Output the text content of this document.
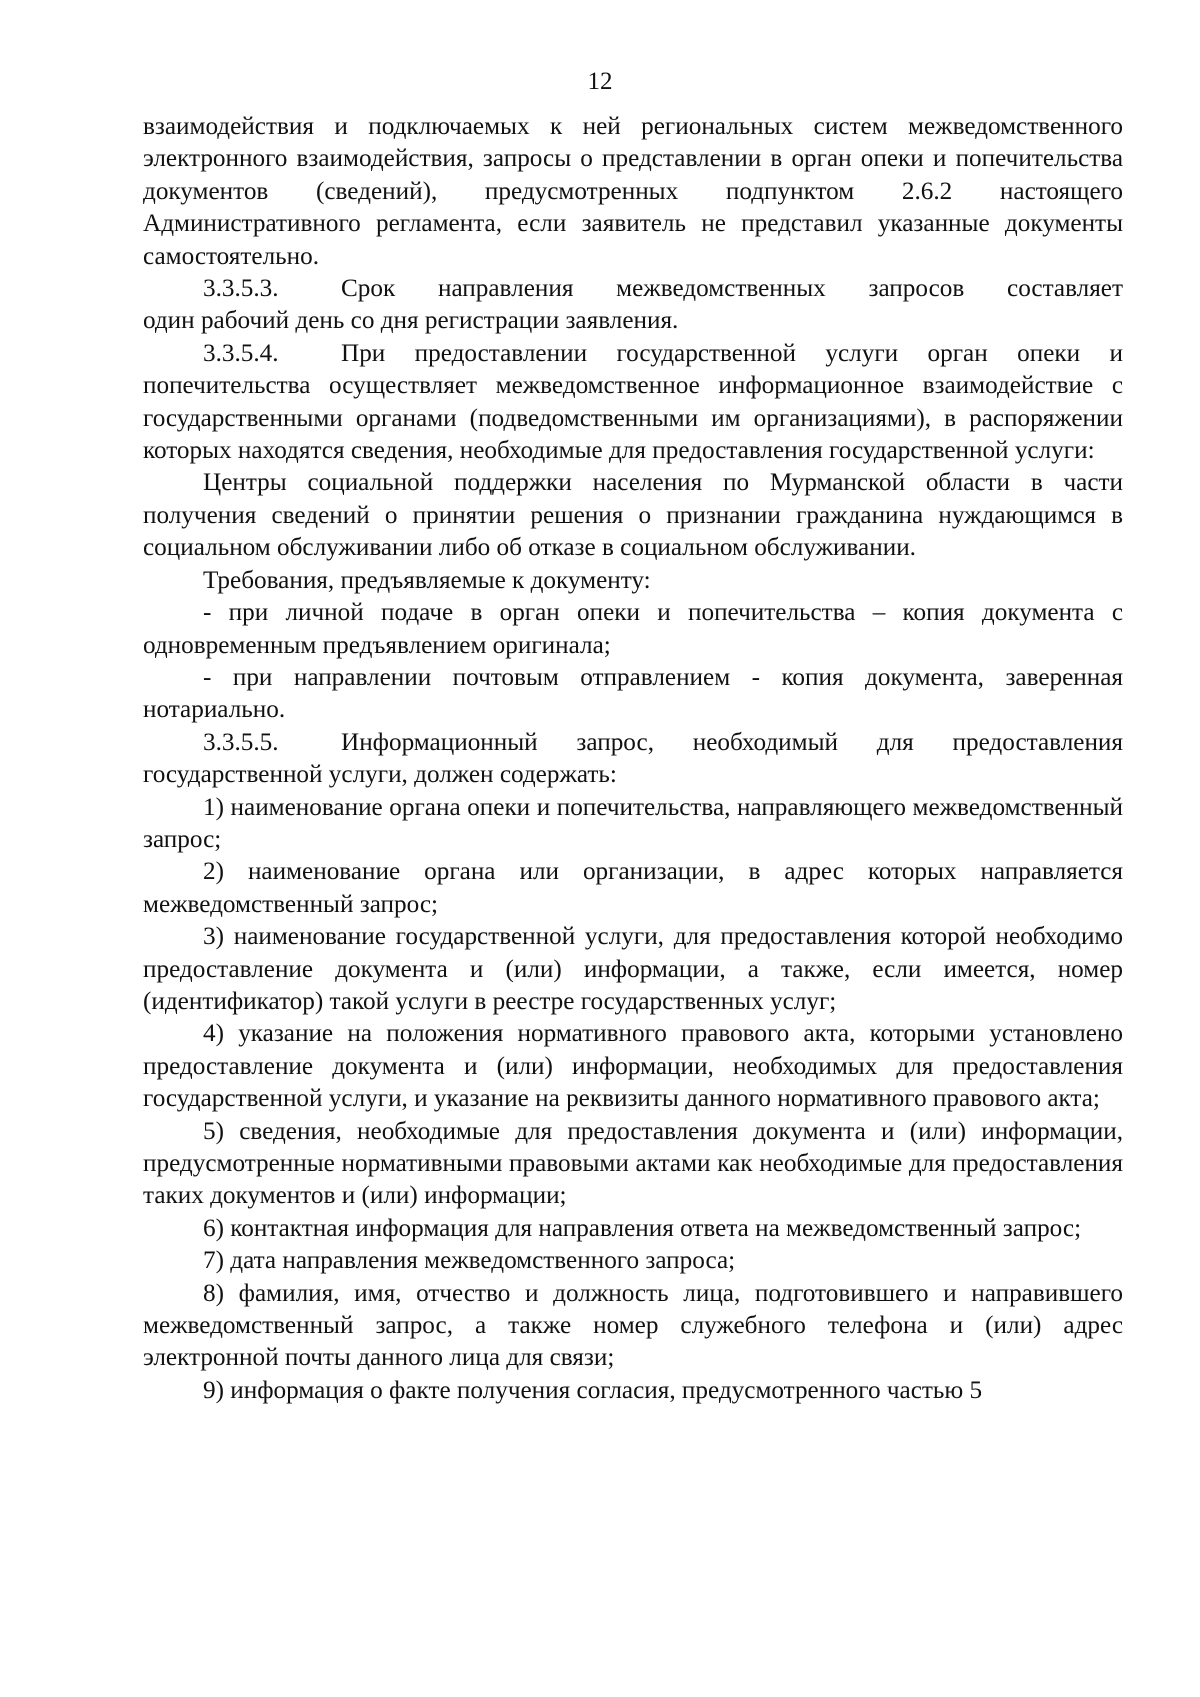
12

взаимодействия и подключаемых к ней региональных систем межведомственного электронного взаимодействия, запросы о представлении в орган опеки и попечительства документов (сведений), предусмотренных подпунктом 2.6.2 настоящего Административного регламента, если заявитель не представил указанные документы самостоятельно.

3.3.5.3.	Срок направления межведомственных запросов составляет
один рабочий день со дня регистрации заявления.
3.3.5.4.	При предоставлении государственной услуги орган опеки и
попечительства осуществляет межведомственное информационное взаимодействие с государственными органами (подведомственными им организациями), в распоряжении которых находятся сведения, необходимые для предоставления государственной услуги:

Центры социальной поддержки населения по Мурманской области в части получения сведений о принятии решения о признании гражданина нуждающимся в социальном обслуживании либо об отказе в социальном обслуживании.

Требования, предъявляемые к документу:

- при личной подаче в орган опеки и попечительства – копия документа с одновременным предъявлением оригинала;

- при направлении почтовым отправлением - копия документа, заверенная нотариально.

3.3.5.5.	Информационный запрос, необходимый для предоставления
государственной услуги, должен содержать:

1) наименование органа опеки и попечительства, направляющего межведомственный запрос;

2) наименование органа или организации, в адрес которых направляется межведомственный запрос;

3) наименование государственной услуги, для предоставления которой необходимо предоставление документа и (или) информации, а также, если имеется, номер (идентификатор) такой услуги в реестре государственных услуг;

4) указание на положения нормативного правового акта, которыми установлено предоставление документа и (или) информации, необходимых для предоставления государственной услуги, и указание на реквизиты данного нормативного правового акта;

5) сведения, необходимые для предоставления документа и (или) информации, предусмотренные нормативными правовыми актами как необходимые для предоставления таких документов и (или) информации;

6) контактная информация для направления ответа на межведомственный запрос;

7) дата направления межведомственного запроса;

8) фамилия, имя, отчество и должность лица, подготовившего и направившего межведомственный запрос, а также номер служебного телефона и (или) адрес электронной почты данного лица для связи;

9) информация о факте получения согласия, предусмотренного частью 5
